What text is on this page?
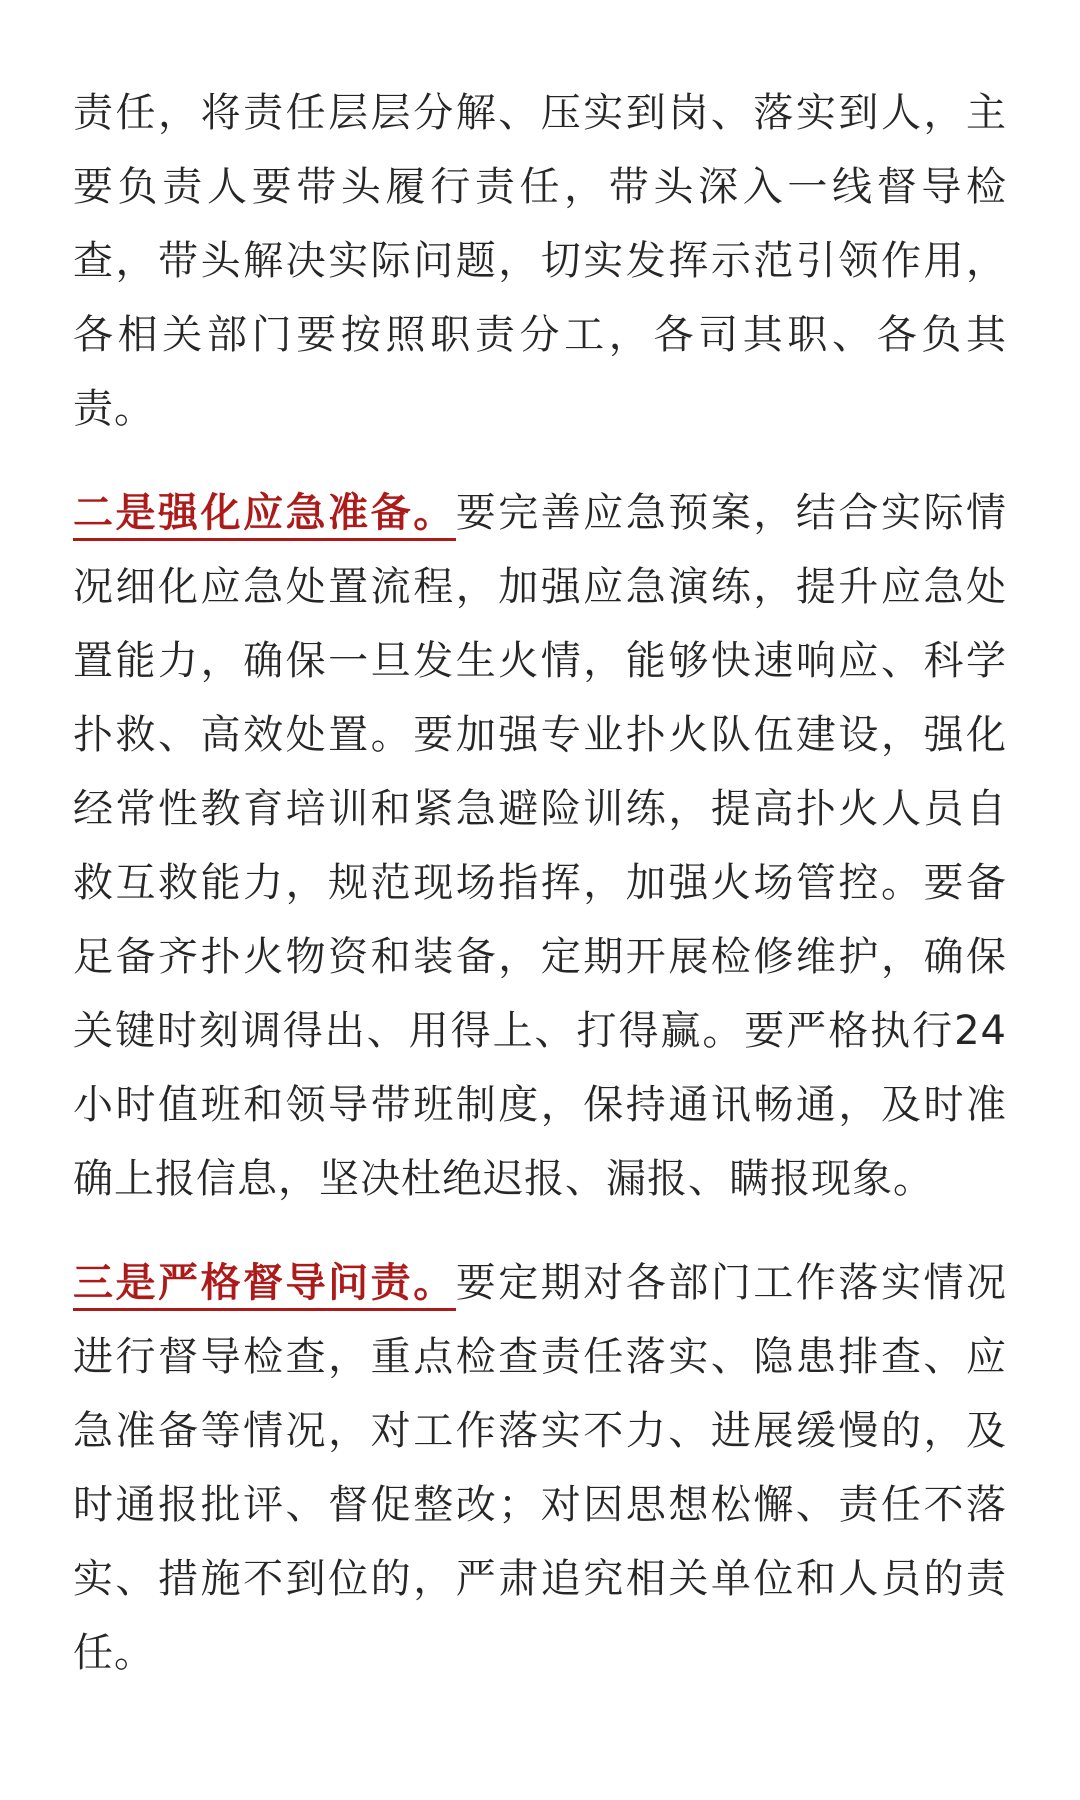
责任，将责任层层分解、压实到岗、落实到人，主要负责人要带头履行责任，带头深入一线督导检查，带头解决实际问题，切实发挥示范引领作用，各相关部门要按照职责分工，各司其职、各负其责。

二是强化应急准备。要完善应急预案，结合实际情况细化应急处置流程，加强应急演练，提升应急处置能力，确保一旦发生火情，能够快速响应、科学扑救、高效处置。要加强专业扑火队伍建设，强化经常性教育培训和紧急避险训练，提高扑火人员自救互救能力，规范现场指挥，加强火场管控。要备足备齐扑火物资和装备，定期开展检修维护，确保关键时刻调得出、用得上、打得赢。要严格执行24小时值班和领导带班制度，保持通讯畅通，及时准确上报信息，坚决杜绝迟报、漏报、瞒报现象。

三是严格督导问责。要定期对各部门工作落实情况进行督导检查，重点检查责任落实、隐患排查、应急准备等情况，对工作落实不力、进展缓慢的，及时通报批评、督促整改；对因思想松懈、责任不落实、措施不到位的，严肃追究相关单位和人员的责任。
